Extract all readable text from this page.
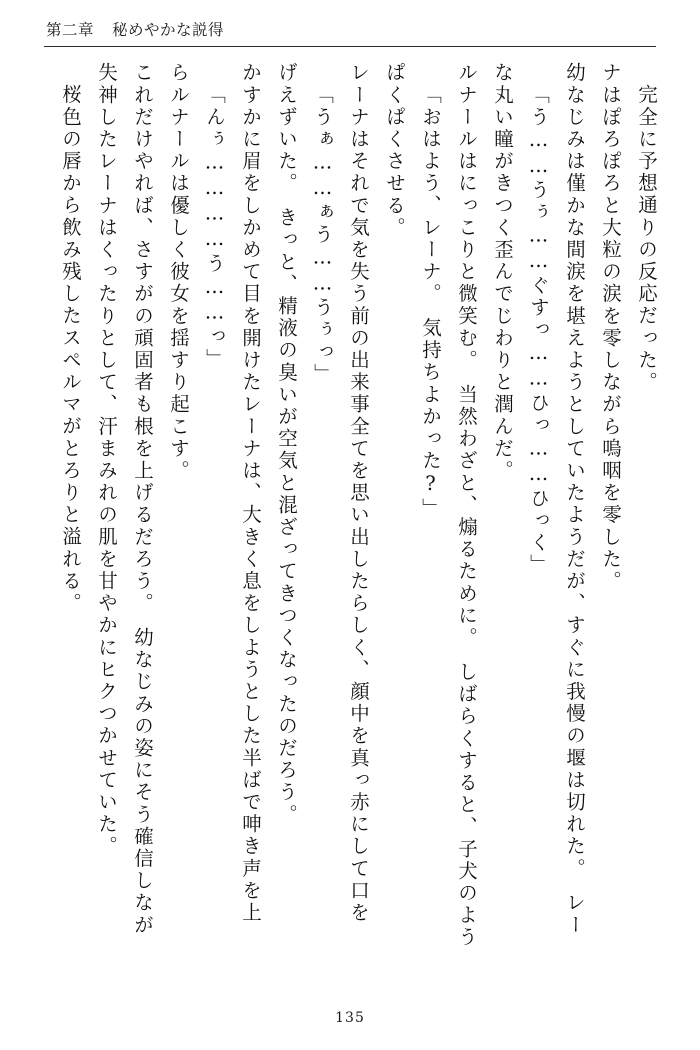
第二章 秘めやかな説得
桜色の唇から飲み残したスペルマがとろりと溢れる。 失神したレーナはくったりとして、汗まみれの肌を甘やかにヒクつかせていた。 これだけやれば、さすがの頑固者も根を上げるだろう。　幼なじみの姿にそう確信しなが らルナールは優しく彼女を揺すり起こす。 「んぅ…………う……っ」 かすかに眉をしかめて目を開けたレーナは、大きく息をしようとした半ばで呻き声を上 げえずいた。　きっと、精液の臭いが空気と混ざってきつくなったのだろう。 「うぁ……ぁう……うぅっ」 レーナはそれで気を失う前の出来事全てを思い出したらしく、顔中を真っ赤にして口を ぱくぱくさせる。 「おはよう、レーナ。　気持ちよかった?」 ルナールはにっこりと微笑む。　当然わざと、煽るために。　しばらくすると、子犬のよう な丸い瞳がきつく歪んでじわりと潤んだ。 「う……うぅ……ぐすっ……ひっ……ひっく」 幼なじみは僅かな間涙を堪えようとしていたようだが、すぐに我慢の堰は切れた。　レー ナはぽろぽろと大粒の涙を零しながら嗚咽を零した。 完全に予想通りの反応だった。
135
